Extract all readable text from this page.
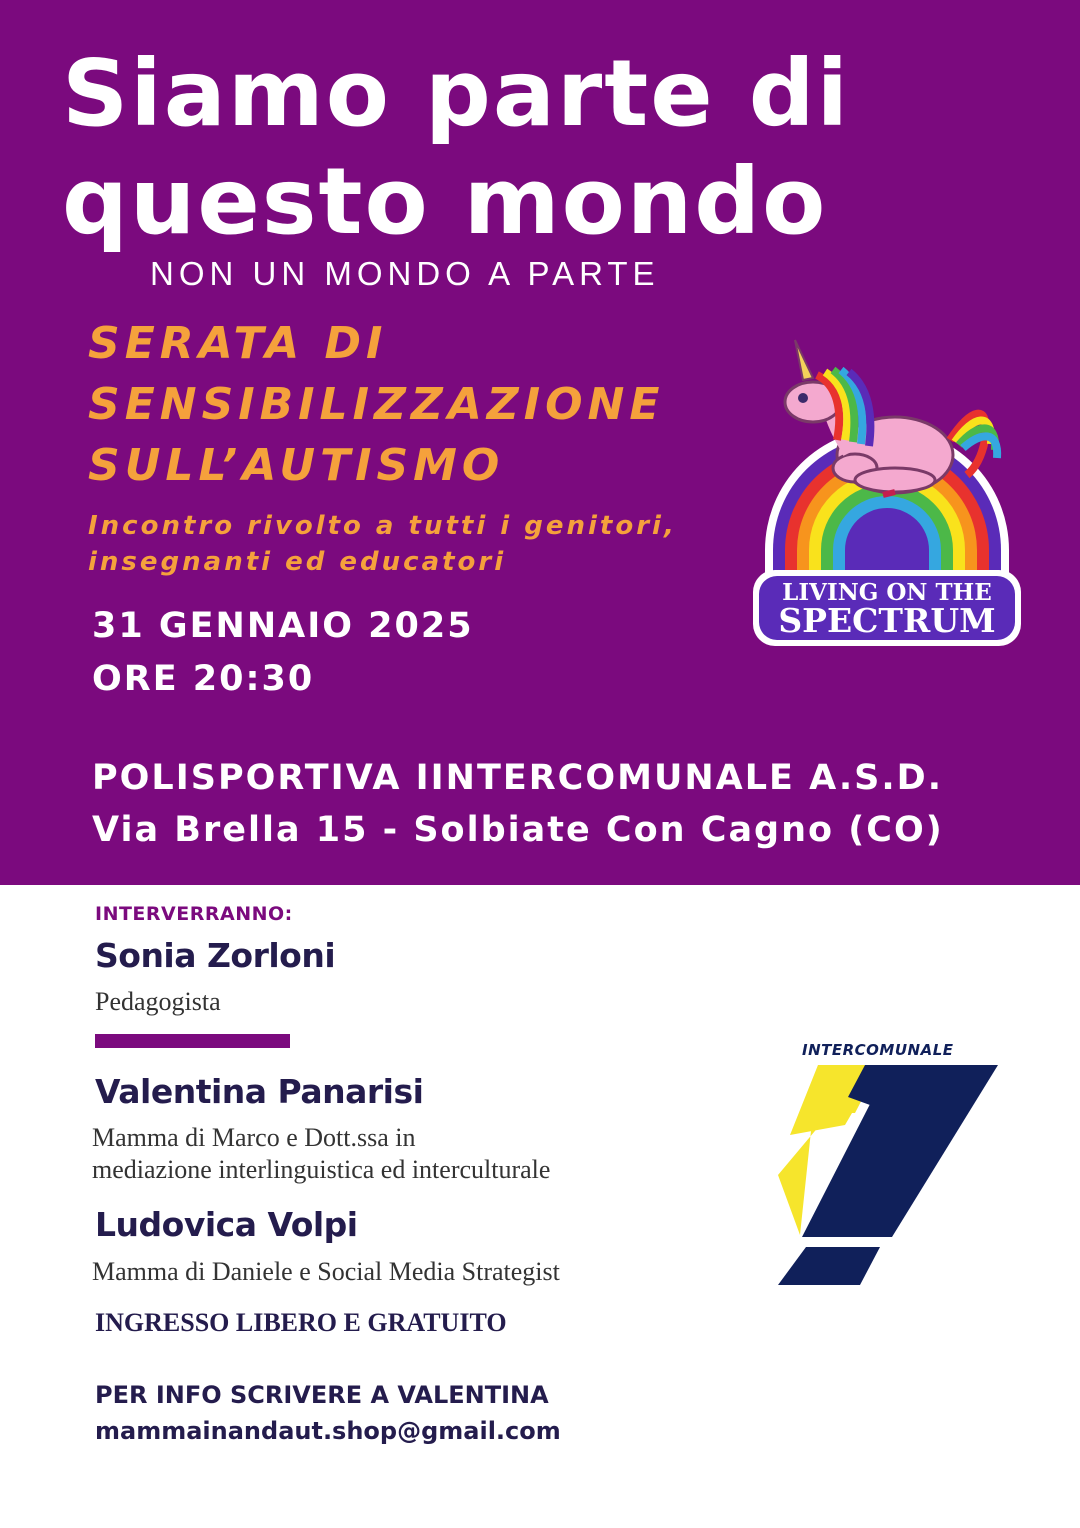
Siamo parte di
questo mondo
NON UN MONDO A PARTE
SERATA DI
SENSIBILIZZAZIONE
SULL’AUTISMO
Incontro rivolto a tutti i genitori,
insegnanti ed educatori
31 GENNAIO 2025
ORE 20:30
POLISPORTIVA IINTERCOMUNALE A.S.D.
Via Brella 15 - Solbiate Con Cagno (CO)
LIVING ON THE
SPECTRUM
INTERVERRANNO:
Sonia Zorloni
Pedagogista
Valentina Panarisi
Mamma di Marco e Dott.ssa in
mediazione interlinguistica ed interculturale
Ludovica Volpi
Mamma di Daniele e Social Media Strategist
INGRESSO LIBERO E GRATUITO
PER INFO SCRIVERE A VALENTINA
mammainandaut.shop@gmail.com
INTERCOMUNALE
